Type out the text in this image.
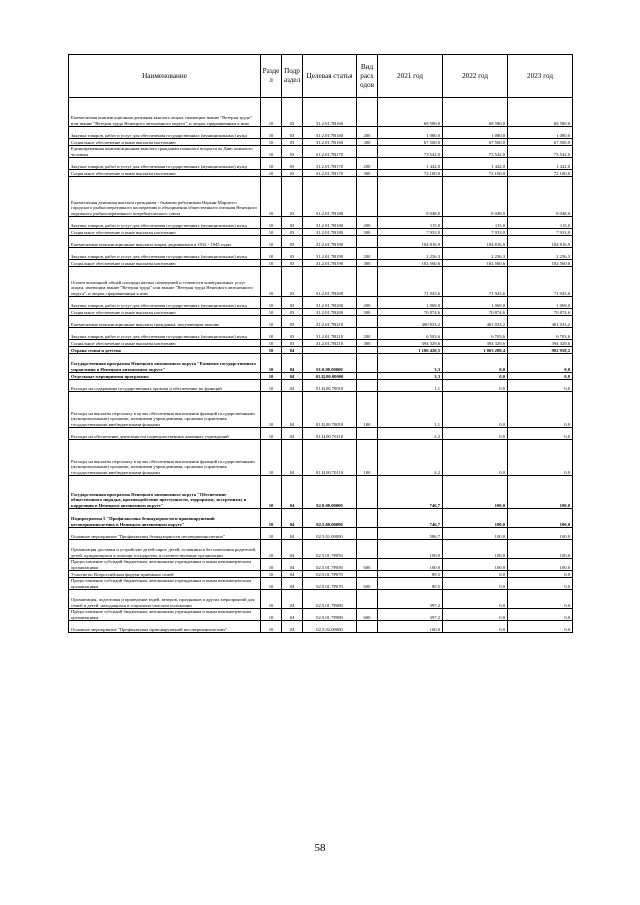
Наименование	Разде л	Подр аздел	Целевая статья	Вид расх одов	2021 год	2022 год	2023 год
Ежемесячная компенсационная денежная выплата лицам, имеющим звание "Ветеран труда" или звание "Ветеран труда Ненецкого автономного округа", и лицам, приравненным к ним	10	03	31.2.01.7В160		68 580,0	68 580,0	68 580,0
Закупка товаров, работ и услуг для обеспечения государственных (муниципальных) нужд	10	03	31.2.01.7В160	200	1 080,0	1 080,0	1 080,0
Социальное обеспечение и иные выплаты населению	10	03	31.2.01.7В160	300	67 500,0	67 500,0	67 500,0
Единовременная компенсационная выплата гражданам пожилого возраста ко Дню пожилого человека	10	03	31.2.01.7В170		73 542,0	73 542,0	73 542,0
Закупка товаров, работ и услуг для обеспечения государственных (муниципальных) нужд	10	03	31.2.01.7В170	200	1 442,0	1 442,0	1 442,0
Социальное обеспечение и иные выплаты населению	10	03	31.2.01.7В170	300	72 100,0	72 100,0	72 100,0
Ежемесячная денежная выплата гражданам - бывшим работникам Нарьян-Марского городского рыбкооперативного кооператива и объединения общественного питания Ненецкого окружного рыбкооперативного потребительского союза	10	03	31.2.01.7В180		8 048,0	8 048,0	8 048,0
Закупка товаров, работ и услуг для обеспечения государственных (муниципальных) нужд	10	03	31.2.01.7В180	200	115,0	115,0	115,0
Социальное обеспечение и иные выплаты населению	10	03	31.2.01.7В180	300	7 933,0	7 933,0	7 933,0
Ежемесячные компенсационные выплаты лицам, родившимся в 1932 - 1945 годах	10	03	31.2.01.7В190		104 816,9	104 816,9	104 816,9
Закупка товаров, работ и услуг для обеспечения государственных (муниципальных) нужд	10	03	31.2.01.7В190	200	2 256,3	2 256,3	2 256,3
Социальное обеспечение и иные выплаты населению	10	03	31.2.01.7В190	300	102 560,6	102 560,6	102 560,6
Оплата жилищной общей площади жилых помещений и стоимости коммунальных услуг лицам, имеющим звание "Ветеран труда" или звание "Ветеран труда Ненецкого автономного округа", и лицам, приравненным к ним	10	03	31.2.01.7В200		71 943,6	71 943,6	71 943,6
Закупка товаров, работ и услуг для обеспечения государственных (муниципальных) нужд	10	03	31.2.01.7В200	200	1 069,0	1 069,0	1 069,0
Социальное обеспечение и иные выплаты населению	10	03	31.2.01.7В200	300	70 874,6	70 874,6	70 874,6
Ежемесячные компенсационные выплаты гражданам, получающим пенсию	10	03	31.2.01.7В210		400 833,2	401 033,2	401 033,2
Закупка товаров, работ и услуг для обеспечения государственных (муниципальных) нужд	10	03	31.2.01.7В210	200	6 503,6	6 703,6	6 703,6
Социальное обеспечение и иные выплаты населению	10	03	31.2.01.7В210	300	394 329,6	394 329,6	394 329,6
Охрана семьи и детства	10	04			1 106 420,5	1 063 288,4	982 958,2
Государственная программа Ненецкого автономного округа "Развитие государственного управления в Ненецком автономном округе"	10	04	01.0.00.00000		3,3	0,0	0,0
Отдельные мероприятия программы	10	04	01.Ц.00.00000		3,3	0,0	0,0
Расходы на содержание государственных органов и обеспечение их функций	10	04	01.Ц.00.70010		1,1	0,0	0,0
Расходы на выплаты персоналу в целях обеспечения выполнения функций государственными (муниципальными) органами, казенными учреждениями, органами управления государственными внебюджетными фондами	10	04	01.Ц.00.70010	100	1,1	0,0	0,0
Расходы на обеспечение деятельности подведомственных казенных учреждений	10	04	01.Ц.00.70110		2,2	0,0	0,0
Расходы на выплаты персоналу в целях обеспечения выполнения функций государственными (муниципальными) органами, казенными учреждениями, органами управления государственными внебюджетными фондами	10	04	01.Ц.00.70110	100	2,2	0,0	0,0
Государственная программа Ненецкого автономного округа "Обеспечение общественного порядка, противодействие преступности, терроризму, экстремизму и коррупции в Ненецком автономном округе"	10	04	02.0.00.00000		746,7	100,0	100,0
Подпрограмма 5 "Профилактика безнадзорности и правонарушений несовершеннолетних в Ненецком автономном округе"	10	04	02.5.00.00000		746,7	100,0	100,0
Основное мероприятие "Профилактика безнадзорности несовершеннолетних"	10	04	02.5.01.00000		586,7	100,0	100,0
Организация доставки и устройство детей-сирот, детей, оставшихся без попечения родителей, детей, нуждающихся в помощи государства, в соответствующие организации	10	04	02.5.01.7Р050		100,0	100,0	100,0
Предоставление субсидий бюджетным, автономным учреждениям и иным некоммерческим организациям	10	04	02.5.01.7Р050	600	100,0	100,0	100,0
Участие во Всероссийском форуме приёмных семей	10	04	02.5.01.7Р070		89,5	0,0	0,0
Предоставление субсидий бюджетным, автономным учреждениям и иным некоммерческим организациям	10	04	02.5.01.7Р070	600	89,5	0,0	0,0
Организация, подготовка и проведение вздей, вечеров, праздников и других мероприятий для семей и детей, находящихся в социально-опасном положении	10	04	02.5.01.7Р080		397,2	0,0	0,0
Предоставление субсидий бюджетным, автономным учреждениям и иным некоммерческим организациям	10	04	02.5.01.7Р080	600	397,2	0,0	0,0
Основное мероприятие "Профилактика правонарушений несовершеннолетних"	10	04	02.5.02.00000		160,0	0,0	0,0
58
